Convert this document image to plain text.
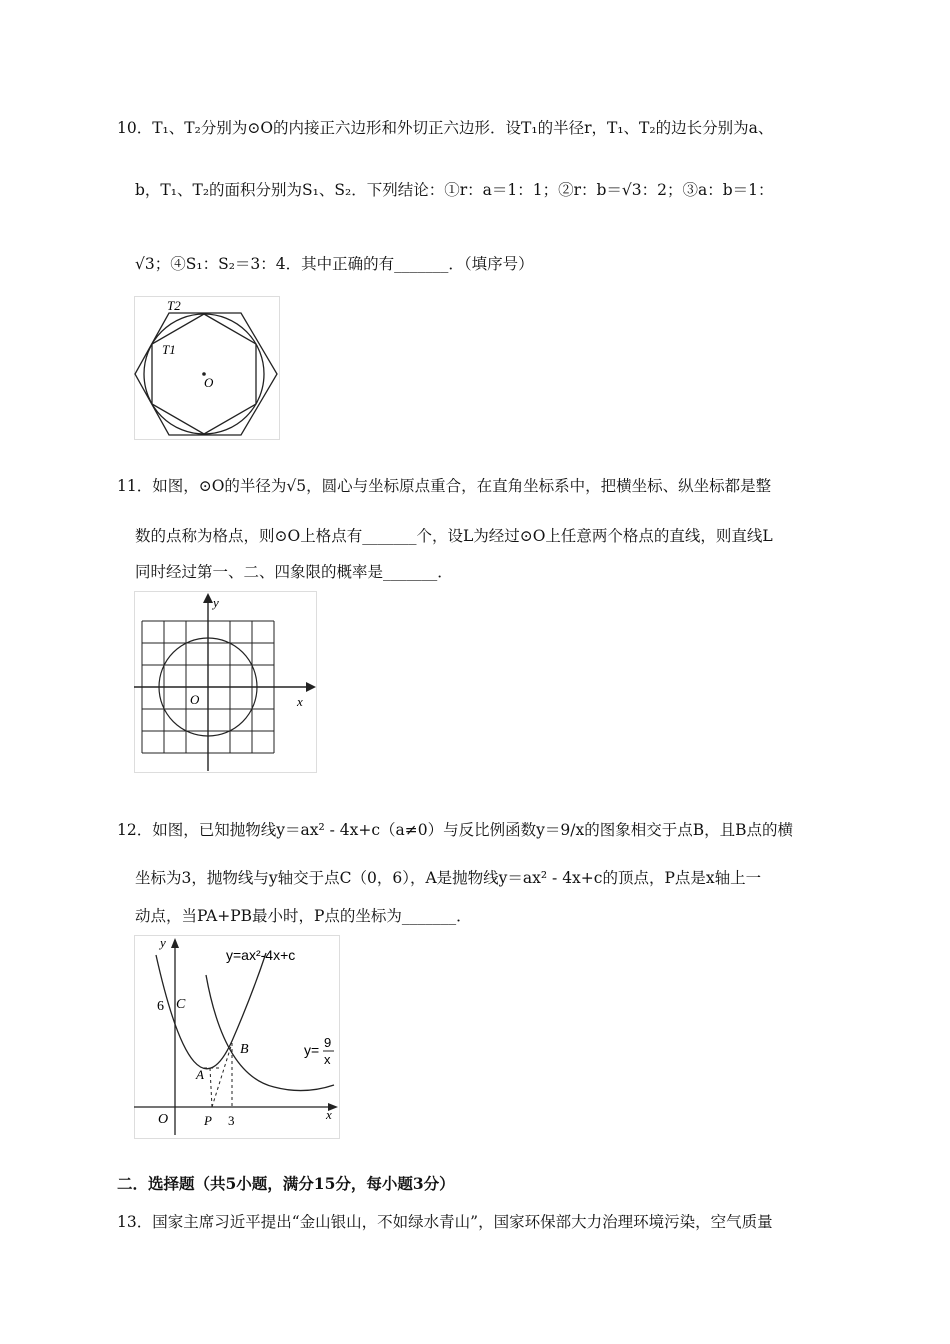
10．T₁、T₂分别为⊙O的内接正六边形和外切正六边形．设T₁的半径r，T₁、T₂的边长分别为a、
b，T₁、T₂的面积分别为S₁、S₂．下列结论：①r：a＝1：1；②r：b＝√3：2；③a：b＝1：
√3；④S₁：S₂＝3：4．其中正确的有_______．（填序号）
T2
T1
O
11．如图，⊙O的半径为√5，圆心与坐标原点重合，在直角坐标系中，把横坐标、纵坐标都是整
数的点称为格点，则⊙O上格点有_______个，设L为经过⊙O上任意两个格点的直线，则直线L
同时经过第一、二、四象限的概率是_______．
y
x
O
12．如图，已知抛物线y＝ax² - 4x+c（a≠0）与反比例函数y＝9/x的图象相交于点B，且B点的横
坐标为3，抛物线与y轴交于点C（0，6），A是抛物线y＝ax² - 4x+c的顶点，P点是x轴上一
动点，当PA+PB最小时，P点的坐标为_______．
y=ax²-4x+c
y= 9
x
y
x
O
6 C
A
B
P 3
二．选择题（共5小题，满分15分，每小题3分）
13．国家主席习近平提出“金山银山，不如绿水青山”，国家环保部大力治理环境污染，空气质量
